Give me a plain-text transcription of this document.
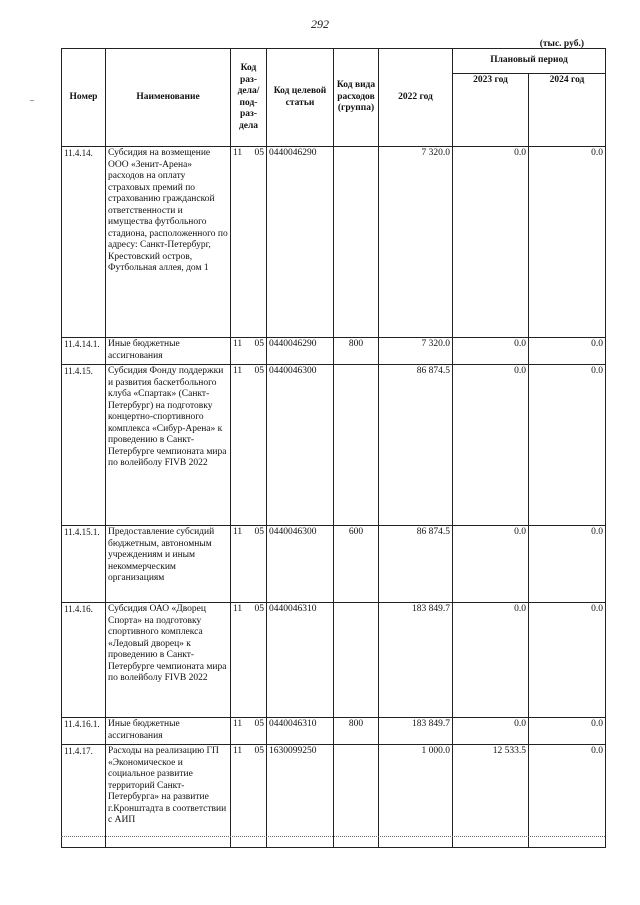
292
(тыс. руб.)
Номер	Наименование	Код раз-дела/ под-раз-дела		Код целевой статьи	Код вида расходов (группа)	2022 год	Плановый период	
							2023 год	2024 год
11.4.14.	Субсидия на возмещение ООО «Зенит-Арена» расходов на оплату страховых премий по страхованию гражданской ответственности и имущества футбольного стадиона, расположенного по адресу: Санкт-Петербург, Крестовский остров, Футбольная аллея, дом 1	11	05	0440046290		7 320.0	0.0	0.0
11.4.14.1.	Иные бюджетные ассигнования	11	05	0440046290	800	7 320.0	0.0	0.0
11.4.15.	Субсидия Фонду поддержки и развития баскетбольного клуба «Спартак» (Санкт-Петербург) на подготовку концертно-спортивного комплекса «Сибур-Арена» к проведению в Санкт-Петербурге чемпионата мира по волейболу FIVB 2022	11	05	0440046300		86 874.5	0.0	0.0
11.4.15.1.	Предоставление субсидий бюджетным, автономным учреждениям и иным некоммерческим организациям	11	05	0440046300	600	86 874.5	0.0	0.0
11.4.16.	Субсидия ОАО «Дворец Спорта» на подготовку спортивного комплекса «Ледовый дворец» к проведению в Санкт-Петербурге чемпионата мира по волейболу FIVB 2022	11	05	0440046310		183 849.7	0.0	0.0
11.4.16.1.	Иные бюджетные ассигнования	11	05	0440046310	800	183 849.7	0.0	0.0
11.4.17.	Расходы на реализацию ГП «Экономическое и социальное развитие территорий Санкт-Петербурга» на развитие г.Кронштадта в соответствии с АИП	11	05	1630099250		1 000.0	12 533.5	0.0
